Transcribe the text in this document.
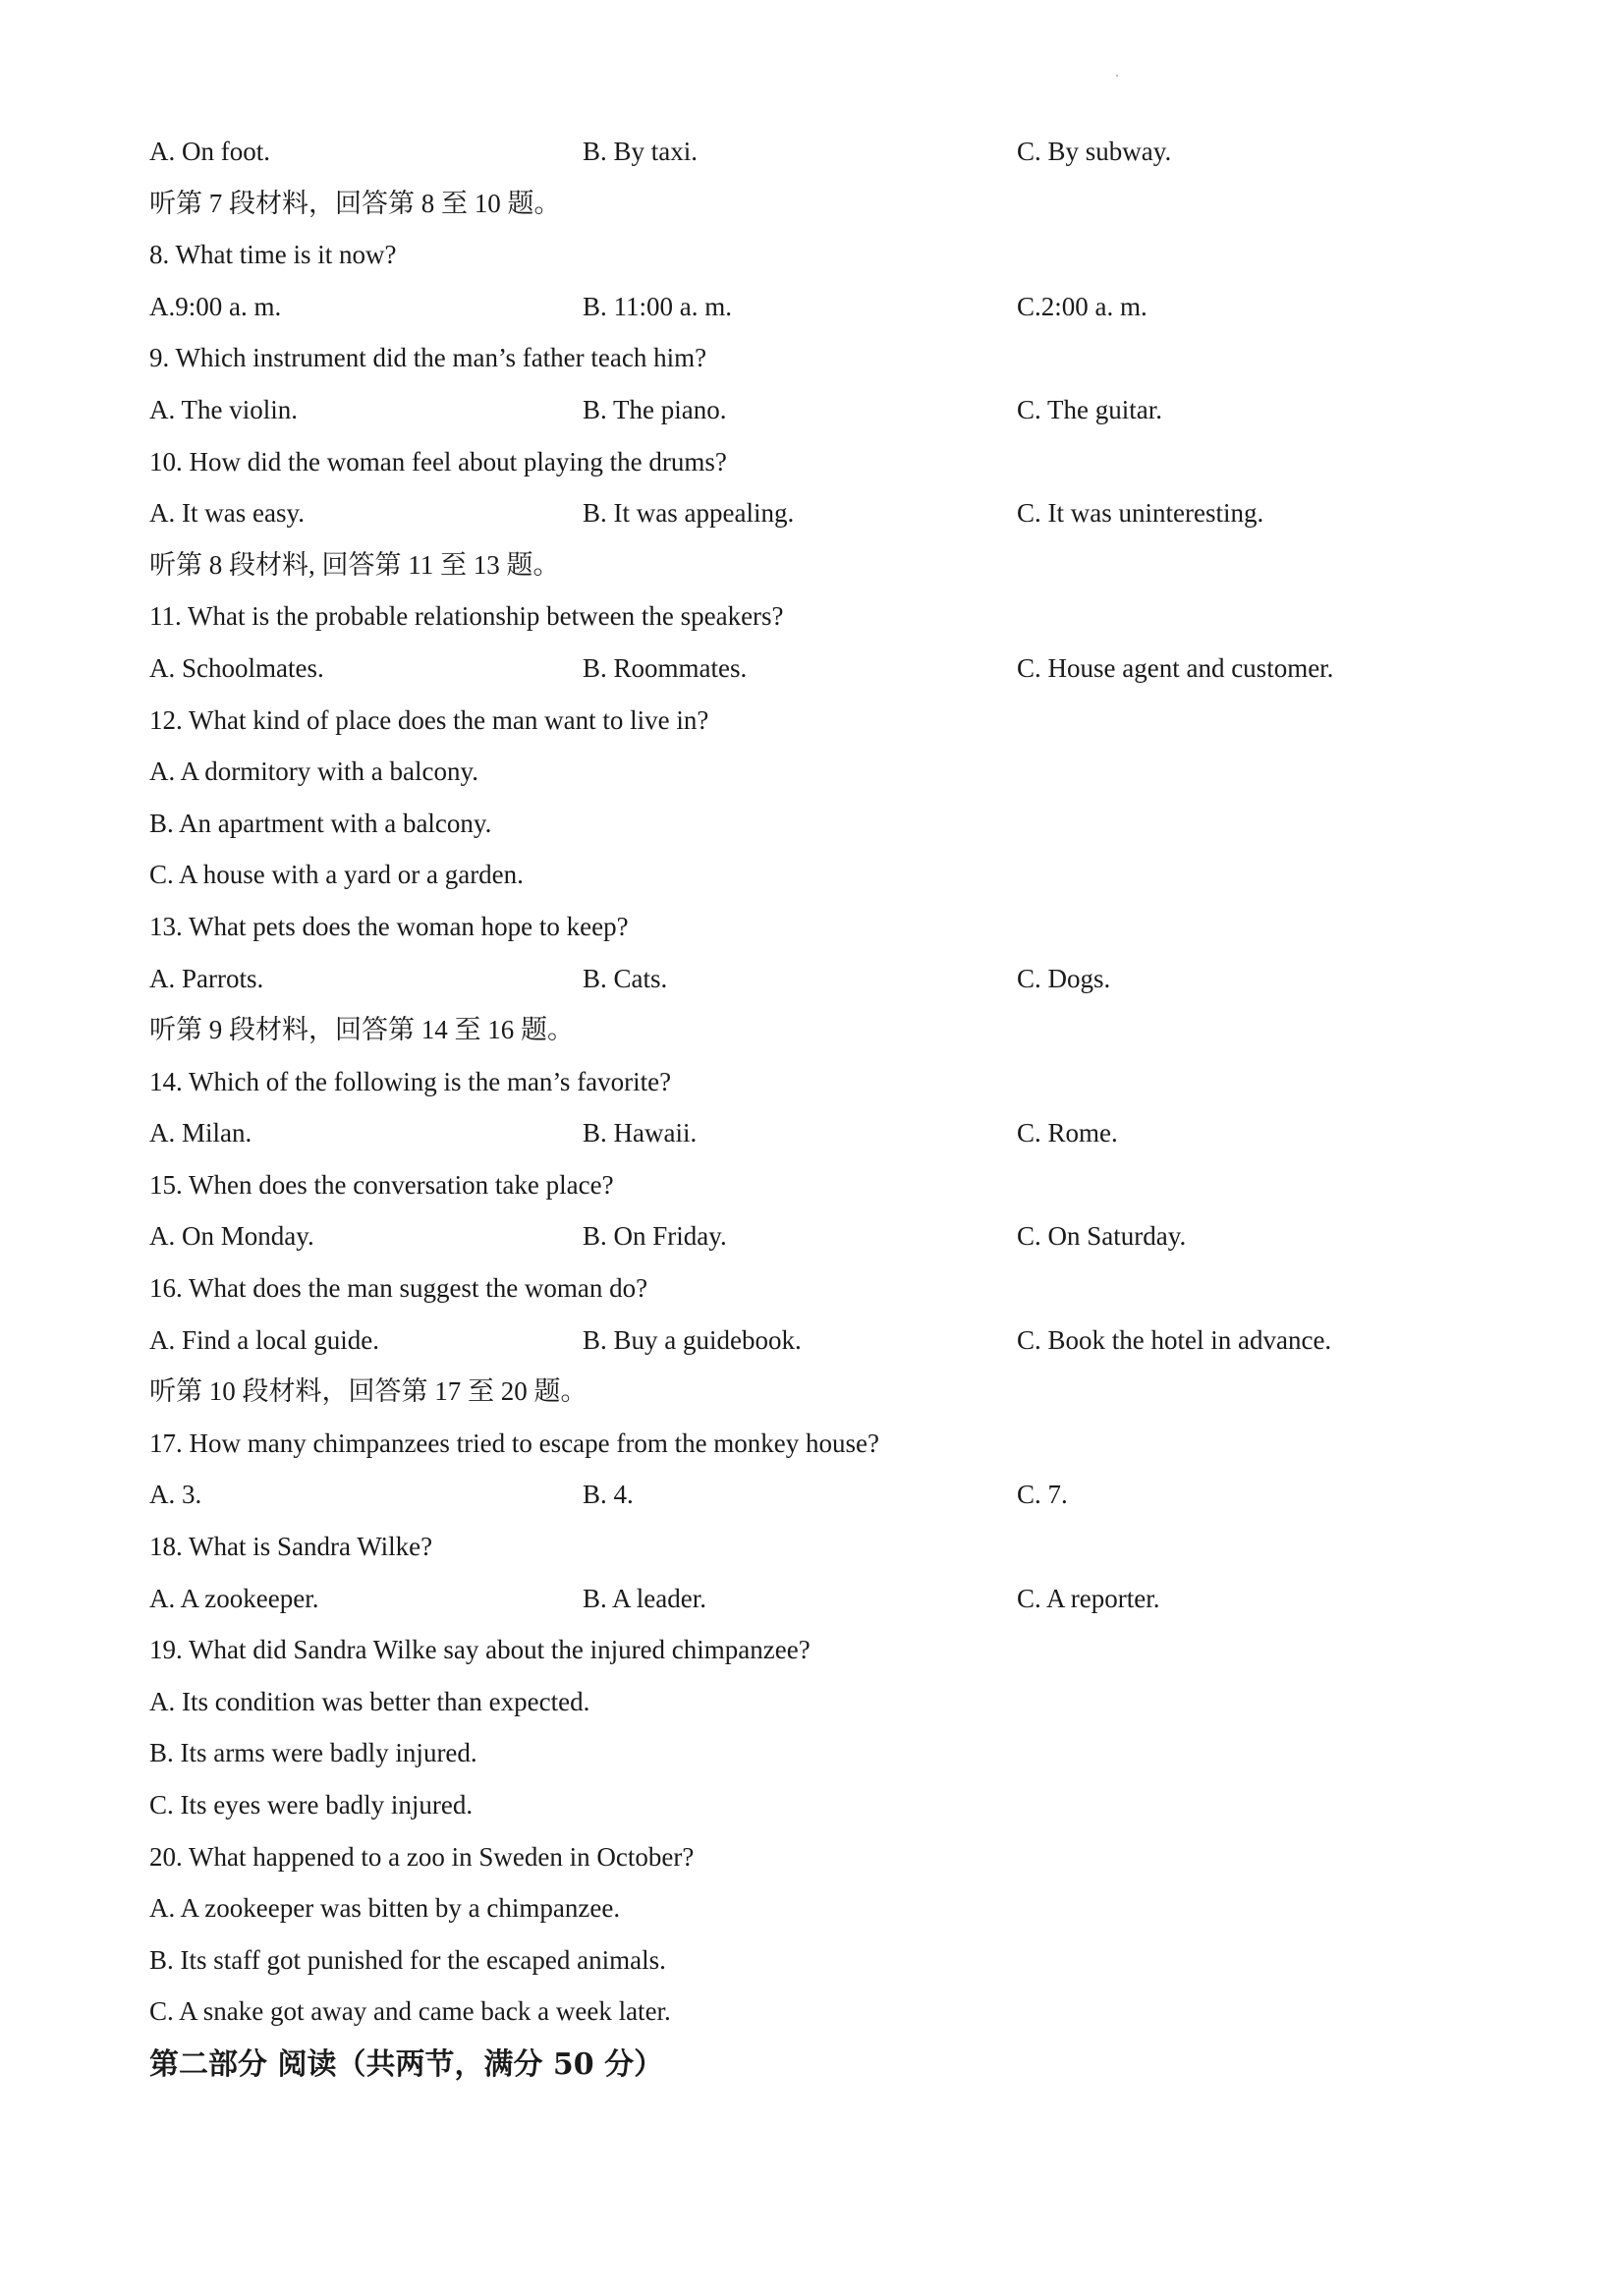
A. On foot.	B. By taxi.	C. By subway.
听第 7 段材料，回答第 8 至 10 题。
8. What time is it now?
A.9:00 a. m.	B. 11:00 a. m.	C.2:00 a. m.
9. Which instrument did the man’s father teach him?
A. The violin.	B. The piano.	C. The guitar.
10. How did the woman feel about playing the drums?
A. It was easy.	B. It was appealing.	C. It was uninteresting.
听第 8 段材料, 回答第 11 至 13 题。
11. What is the probable relationship between the speakers?
A. Schoolmates.	B. Roommates.	C. House agent and customer.
12. What kind of place does the man want to live in?
A. A dormitory with a balcony.
B. An apartment with a balcony.
C. A house with a yard or a garden.
13. What pets does the woman hope to keep?
A. Parrots.	B. Cats.	C. Dogs.
听第 9 段材料，回答第 14 至 16 题。
14. Which of the following is the man’s favorite?
A. Milan.	B. Hawaii.	C. Rome.
15. When does the conversation take place?
A. On Monday.	B. On Friday.	C. On Saturday.
16. What does the man suggest the woman do?
A. Find a local guide.	B. Buy a guidebook.	C. Book the hotel in advance.
听第 10 段材料，回答第 17 至 20 题。
17. How many chimpanzees tried to escape from the monkey house?
A. 3.	B. 4.	C. 7.
18. What is Sandra Wilke?
A. A zookeeper.	B. A leader.	C. A reporter.
19. What did Sandra Wilke say about the injured chimpanzee?
A. Its condition was better than expected.
B. Its arms were badly injured.
C. Its eyes were badly injured.
20. What happened to a zoo in Sweden in October?
A. A zookeeper was bitten by a chimpanzee.
B. Its staff got punished for the escaped animals.
C. A snake got away and came back a week later.
第二部分 阅读（共两节，满分 50 分）
